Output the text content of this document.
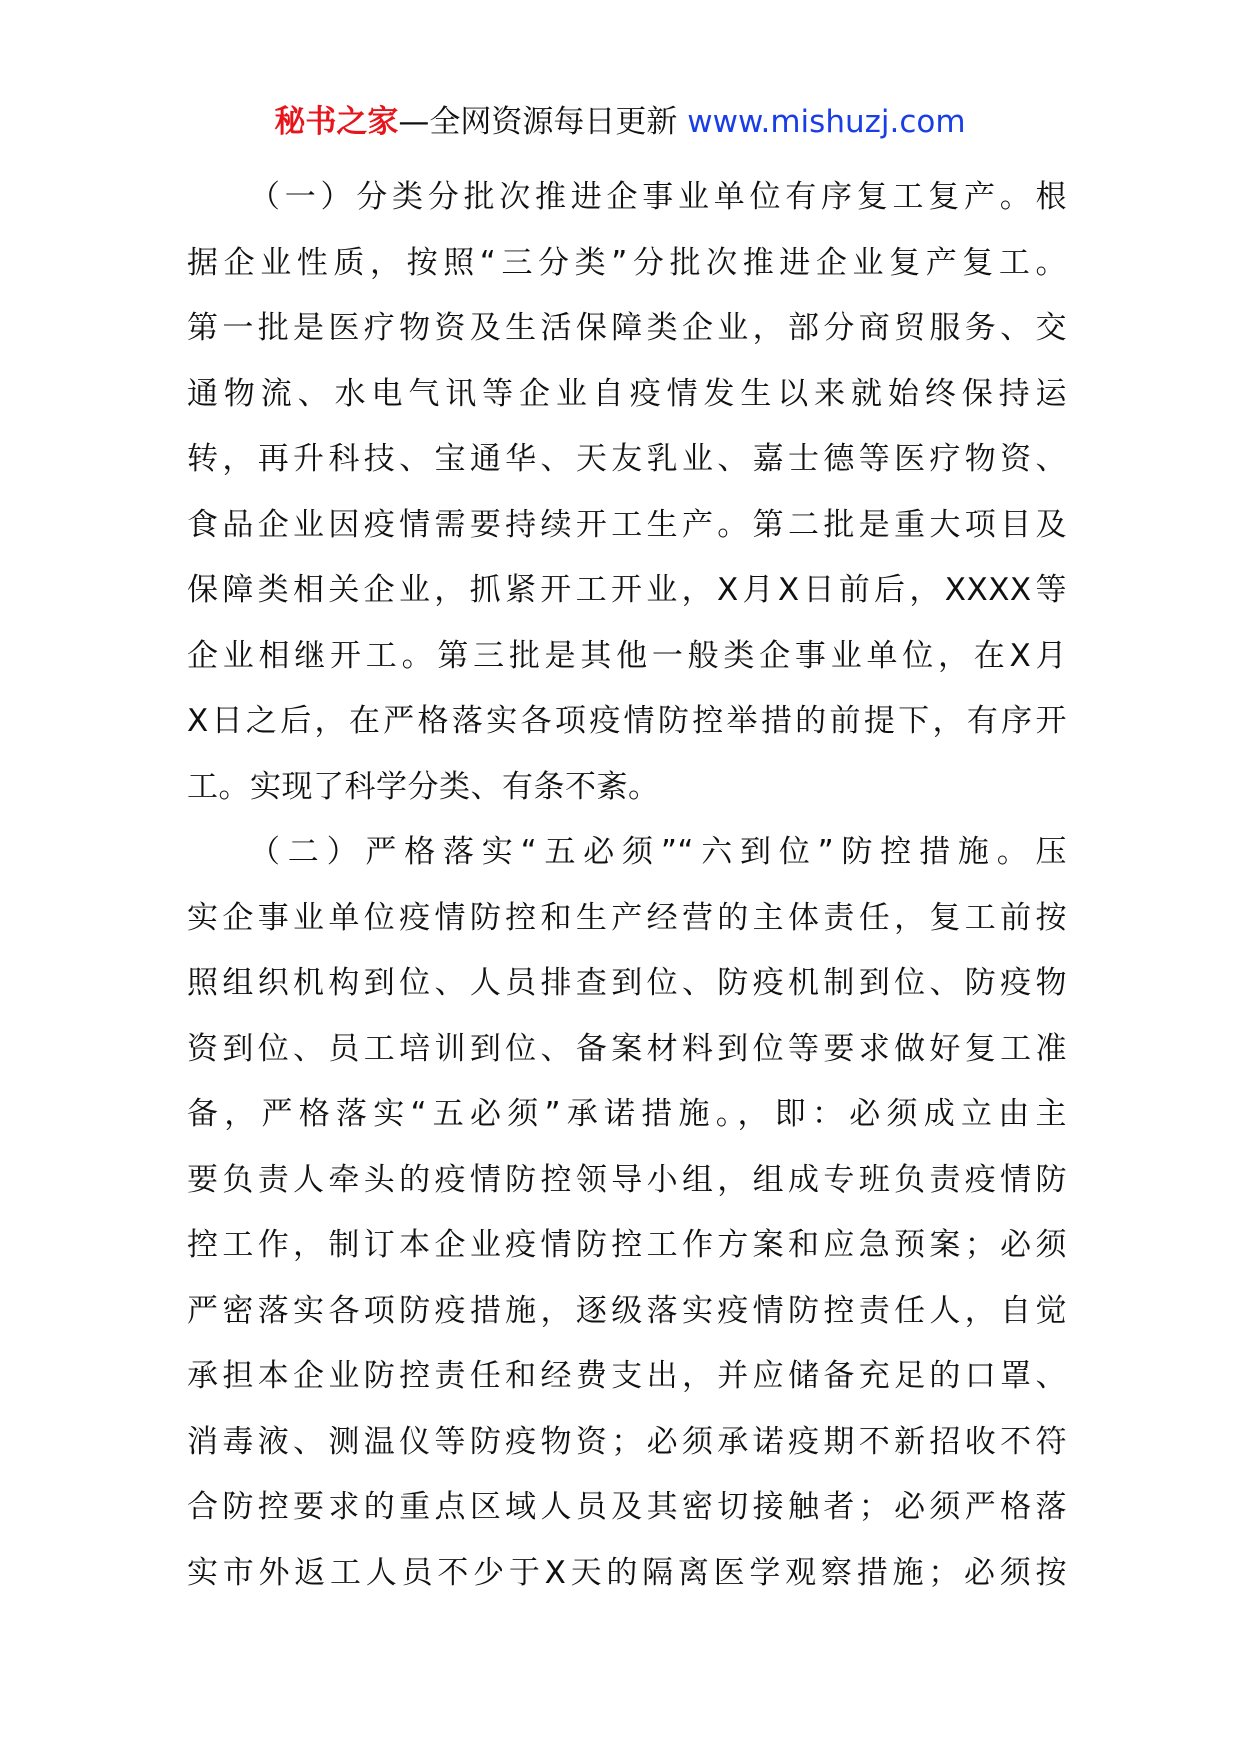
秘书之家—全网资源每日更新 www.mishuzj.com
（一）分类分批次推进企事业单位有序复工复产。根
据企业性质，按照“三分类”分批次推进企业复产复工。
第一批是医疗物资及生活保障类企业，部分商贸服务、交
通物流、水电气讯等企业自疫情发生以来就始终保持运
转，再升科技、宝通华、天友乳业、嘉士德等医疗物资、
食品企业因疫情需要持续开工生产。第二批是重大项目及
保障类相关企业，抓紧开工开业，X月X日前后，XXXX等
企业相继开工。第三批是其他一般类企事业单位，在X月
X日之后，在严格落实各项疫情防控举措的前提下，有序开
工。实现了科学分类、有条不紊。
（二）严格落实“五必须”“六到位”防控措施。压
实企事业单位疫情防控和生产经营的主体责任，复工前按
照组织机构到位、人员排查到位、防疫机制到位、防疫物
资到位、员工培训到位、备案材料到位等要求做好复工准
备，严格落实“五必须”承诺措施。，即：必须成立由主
要负责人牵头的疫情防控领导小组，组成专班负责疫情防
控工作，制订本企业疫情防控工作方案和应急预案；必须
严密落实各项防疫措施，逐级落实疫情防控责任人，自觉
承担本企业防控责任和经费支出，并应储备充足的口罩、
消毒液、测温仪等防疫物资；必须承诺疫期不新招收不符
合防控要求的重点区域人员及其密切接触者；必须严格落
实市外返工人员不少于X天的隔离医学观察措施；必须按
